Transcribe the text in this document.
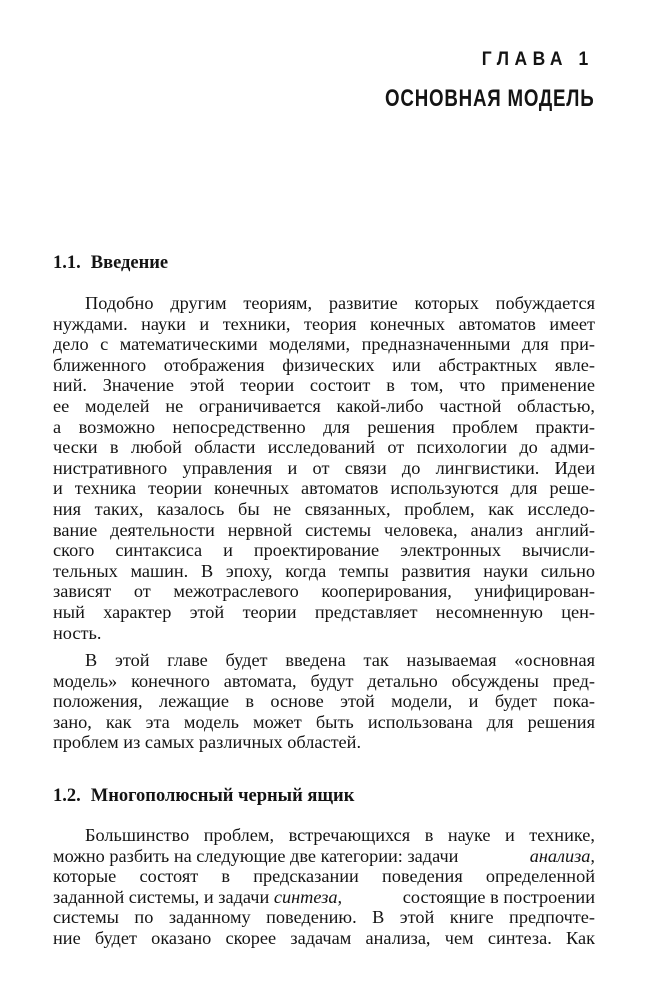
ГЛАВА 1
ОСНОВНАЯ МОДЕЛЬ
1.1. Введение
Подобно другим теориям, развитие которых побуждается
нуждами. науки и техники, теория конечных автоматов имеет
дело с математическими моделями, предназначенными для при-
ближенного отображения физических или абстрактных явле-
ний. Значение этой теории состоит в том, что применение
ее моделей не ограничивается какой-либо частной областью,
а возможно непосредственно для решения проблем практи-
чески в любой области исследований от психологии до адми-
нистративного управления и от связи до лингвистики. Идеи
и техника теории конечных автоматов используются для реше-
ния таких, казалось бы не связанных, проблем, как исследо-
вание деятельности нервной системы человека, анализ англий-
ского синтаксиса и проектирование электронных вычисли-
тельных машин. В эпоху, когда темпы развития науки сильно
зависят от межотраслевого кооперирования, унифицирован-
ный характер этой теории представляет несомненную цен-
ность.
В этой главе будет введена так называемая «основная
модель» конечного автомата, будут детально обсуждены пред-
положения, лежащие в основе этой модели, и будет пока-
зано, как эта модель может быть использована для решения
проблем из самых различных областей.
1.2. Многополюсный черный ящик
Большинство проблем, встречающихся в науке и технике,
можно разбить на следующие две категории: задачи	анализа,
которые состоят в предсказании поведения определенной
заданной системы, и задачи синтеза,	состоящие в построении
системы по заданному поведению. В этой книге предпочте-
ние будет оказано скорее задачам анализа, чем синтеза. Как
